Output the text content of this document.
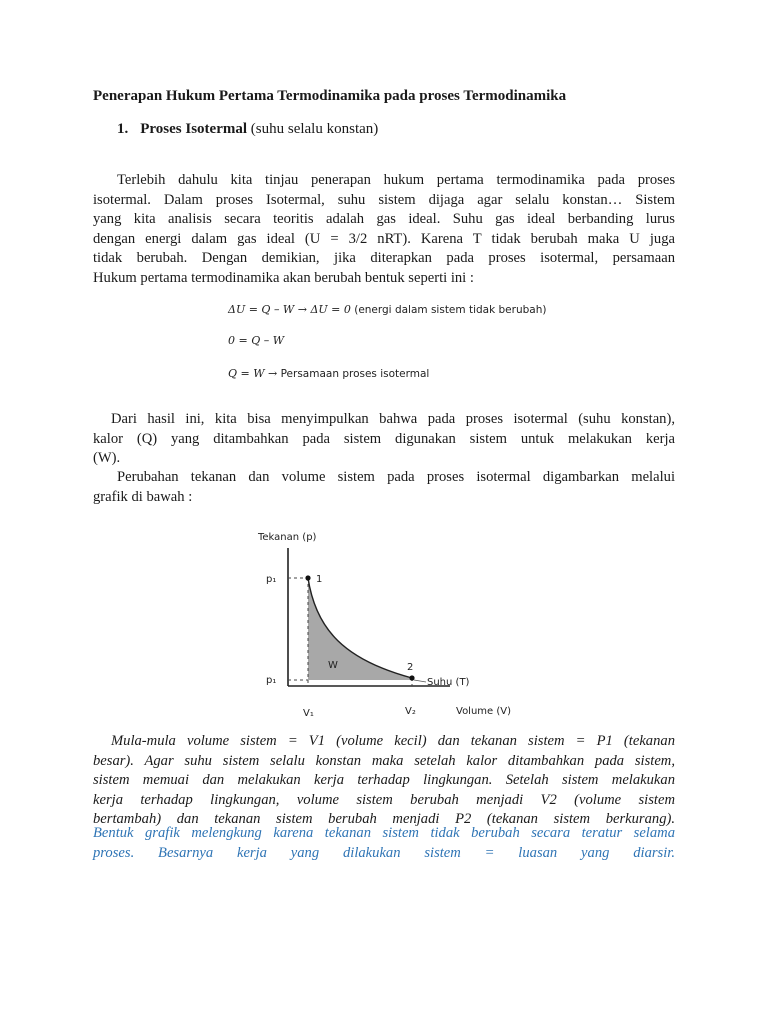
Penerapan Hukum Pertama Termodinamika pada proses Termodinamika
1. Proses Isotermal (suhu selalu konstan)
Terlebih dahulu kita tinjau penerapan hukum pertama termodinamika pada proses
isotermal. Dalam proses Isotermal, suhu sistem dijaga agar selalu konstan… Sistem
yang kita analisis secara teoritis adalah gas ideal. Suhu gas ideal berbanding lurus
dengan energi dalam gas ideal (U = 3/2 nRT). Karena T tidak berubah maka U juga
tidak berubah. Dengan demikian, jika diterapkan pada proses isotermal, persamaan
Hukum pertama termodinamika akan berubah bentuk seperti ini :
ΔU = Q – W → ΔU = 0 (energi dalam sistem tidak berubah)
0 = Q – W
Q = W → Persamaan proses isotermal
Dari hasil ini, kita bisa menyimpulkan bahwa pada proses isotermal (suhu konstan),
kalor (Q) yang ditambahkan pada sistem digunakan sistem untuk melakukan kerja
(W).
Perubahan tekanan dan volume sistem pada proses isotermal digambarkan melalui
grafik di bawah :
Tekanan (p)
p₁
p₁
1
2
W
Suhu (T)
V₁	V₂	Volume (V)
Mula-mula volume sistem = V1 (volume kecil) dan tekanan sistem = P1 (tekanan
besar). Agar suhu sistem selalu konstan maka setelah kalor ditambahkan pada sistem,
sistem memuai dan melakukan kerja terhadap lingkungan. Setelah sistem melakukan
kerja terhadap lingkungan, volume sistem berubah menjadi V2 (volume sistem
bertambah) dan tekanan sistem berubah menjadi P2 (tekanan sistem berkurang).
Bentuk grafik melengkung karena tekanan sistem tidak berubah secara teratur selama
proses. Besarnya kerja yang dilakukan sistem = luasan yang diarsir.
